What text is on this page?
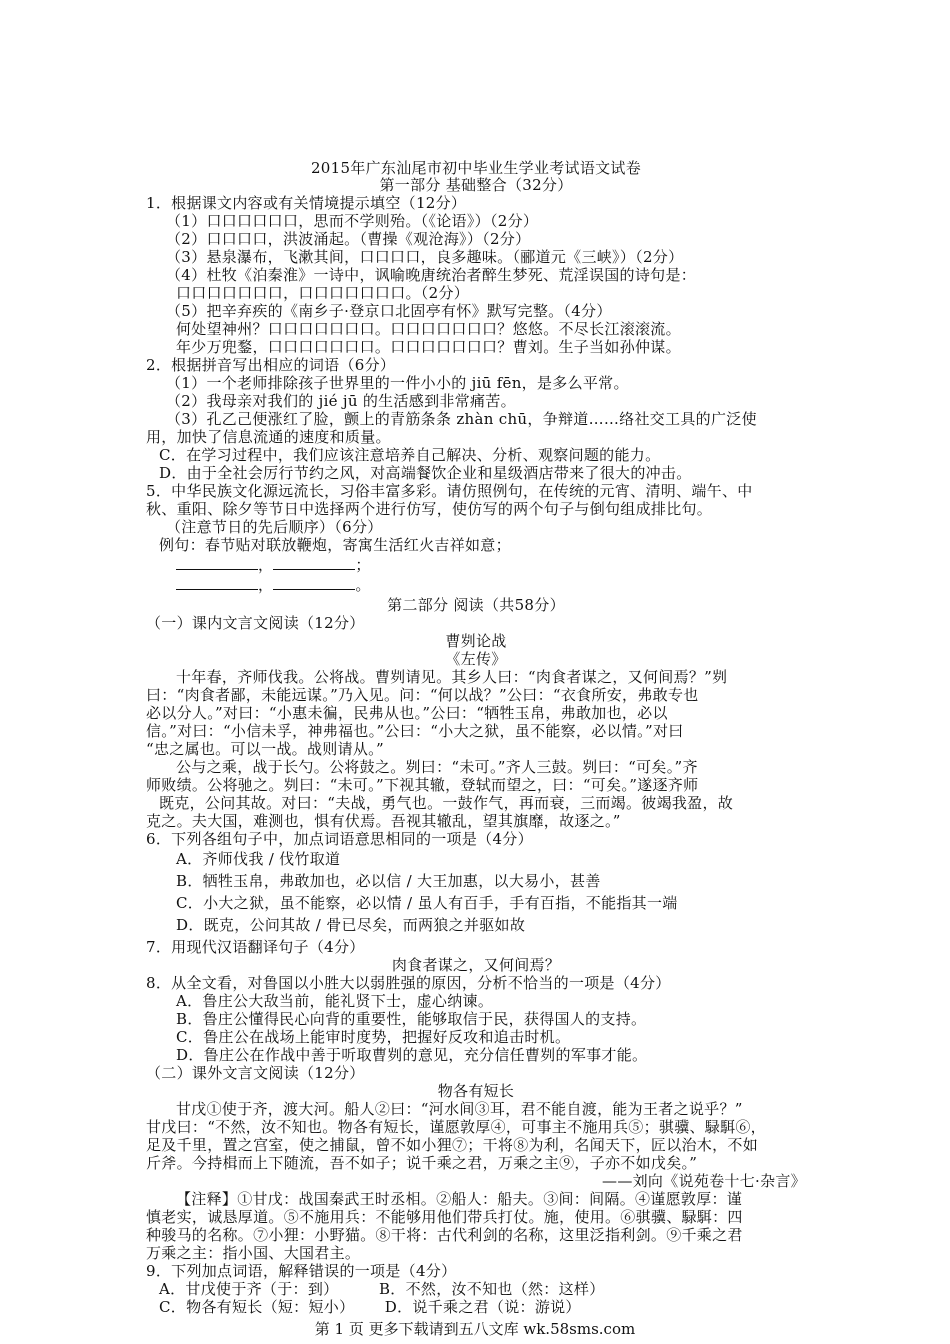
2015年广东汕尾市初中毕业生学业考试语文试卷
第一部分 基础整合（32分）
1．根据课文内容或有关情境提示填空（12分）
（1）口口口口口口，思而不学则殆。（《论语》）（2分）
（2）口口口口，洪波涌起。（曹操《观沧海》）（2分）
（3）悬泉瀑布，飞漱其间，口口口口，良多趣味。（郦道元《三峡》）（2分）
（4）杜牧《泊秦淮》一诗中，讽喻晚唐统治者醉生梦死、荒淫误国的诗句是：
口口口口口口口，口口口口口口口。（2分）
（5）把辛弃疾的《南乡子·登京口北固亭有怀》默写完整。（4分）
何处望神州？口口口口口口口。口口口口口口口？悠悠。不尽长江滚滚流。
年少万兜鍪，口口口口口口口。口口口口口口口？曹刘。生子当如孙仲谋。
2．根据拼音写出相应的词语（6分）
（1）一个老师排除孩子世界里的一件小小的 jiū fēn，是多么平常。
（2）我母亲对我们的 jié jū 的生活感到非常痛苦。
（3）孔乙己便涨红了脸，颤上的青筋条条 zhàn chū，争辩道……络社交工具的广泛使
用，加快了信息流通的速度和质量。
C．在学习过程中，我们应该注意培养自己解决、分析、观察问题的能力。
D．由于全社会厉行节约之风，对高端餐饮企业和星级酒店带来了很大的冲击。
5．中华民族文化源远流长，习俗丰富多彩。请仿照例句，在传统的元宵、清明、端午、中
秋、重阳、除夕等节日中选择两个进行仿写，使仿写的两个句子与倒句组成排比句。
（注意节日的先后顺序）（6分）
例句：春节贴对联放鞭炮，寄寓生活红火吉祥如意；
，	；
，	。
第二部分 阅读（共58分）
（一）课内文言文阅读（12分）
曹刿论战
《左传》
十年春，齐师伐我。公将战。曹刿请见。其乡人曰：“肉食者谋之，又何间焉？”刿
曰：“肉食者鄙，未能远谋。”乃入见。问：“何以战？”公曰：“衣食所安，弗敢专也
必以分人。”对曰：“小惠未徧，民弗从也。”公曰：“牺牲玉帛，弗敢加也，必以
信。”对曰：“小信未孚，神弗福也。”公曰：“小大之狱，虽不能察，必以情。”对曰
“忠之属也。可以一战。战则请从。”
公与之乘，战于长勺。公将鼓之。刿曰：“未可。”齐人三鼓。刿曰：“可矣。”齐
师败绩。公将驰之。刿曰：“未可。”下视其辙，登轼而望之，曰：“可矣。”遂逐齐师
既克，公问其故。对曰：“夫战，勇气也。一鼓作气，再而衰，三而竭。彼竭我盈，故
克之。夫大国，难测也，惧有伏焉。吾视其辙乱，望其旗靡，故逐之。”
6．下列各组句子中，加点词语意思相同的一项是（4分）
A．齐师伐我 / 伐竹取道
B．牺牲玉帛，弗敢加也，必以信 / 大王加惠，以大易小，甚善
C．小大之狱，虽不能察，必以情 / 虽人有百手，手有百指，不能指其一端
D．既克，公问其故 / 骨已尽矣，而两狼之并驱如故
7．用现代汉语翻译句子（4分）
肉食者谋之，又何间焉？
8．从全文看，对鲁国以小胜大以弱胜强的原因，分析不恰当的一项是（4分）
A．鲁庄公大敌当前，能礼贤下士，虚心纳谏。
B．鲁庄公懂得民心向背的重要性，能够取信于民，获得国人的支持。
C．鲁庄公在战场上能审时度势，把握好反攻和追击时机。
D．鲁庄公在作战中善于听取曹刿的意见，充分信任曹刿的军事才能。
（二）课外文言文阅读（12分）
物各有短长
甘戊①使于齐，渡大河。船人②曰：“河水间③耳，君不能自渡，能为王者之说乎？”
甘戊曰：“不然，汝不知也。物各有短长，谨愿敦厚④，可事主不施用兵⑤；骐骥、騄駬⑥，
足及千里，置之宫室，使之捕鼠，曾不如小狸⑦；干将⑧为利，名闻天下，匠以治木，不如
斤斧。今持楫而上下随流，吾不如子；说千乘之君，万乘之主⑨，子亦不如戊矣。”
——刘向《说苑卷十七·杂言》
【注释】①甘戊：战国秦武王时丞相。②船人：船夫。③间：间隔。④谨愿敦厚：谨
慎老实，诚恳厚道。⑤不施用兵：不能够用他们带兵打仗。施，使用。⑥骐骥、騄駬：四
种骏马的名称。⑦小狸：小野猫。⑧干将：古代利剑的名称，这里泛指利剑。⑨千乘之君
万乘之主：指小国、大国君主。
9．下列加点词语，解释错误的一项是（4分）
A．甘戊使于齐（于：到）        B．不然，汝不知也（然：这样）
C．物各有短长（短：短小）      D．说千乘之君（说：游说）
第 1 页 更多下载请到五八文库 wk.58sms.com
